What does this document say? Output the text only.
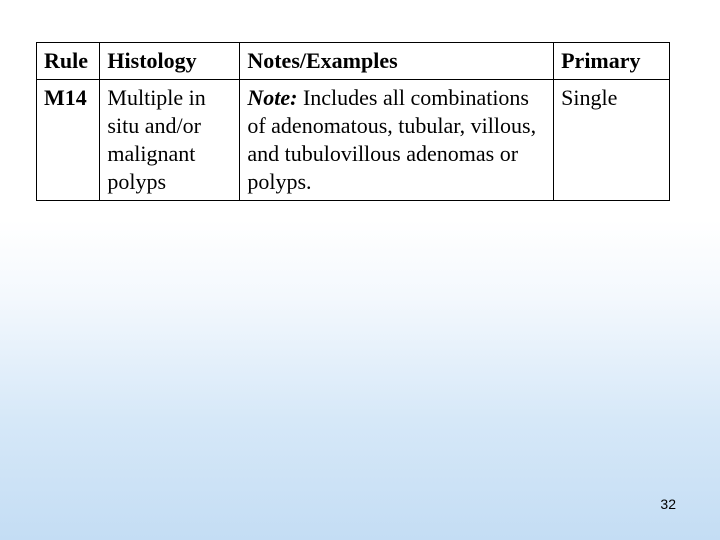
Rule	Histology	Notes/Examples	Primary
M14	Multiple in situ and/or malignant polyps	Note: Includes all combinations of adenomatous, tubular, villous, and tubulovillous adenomas or polyps.	Single
32
